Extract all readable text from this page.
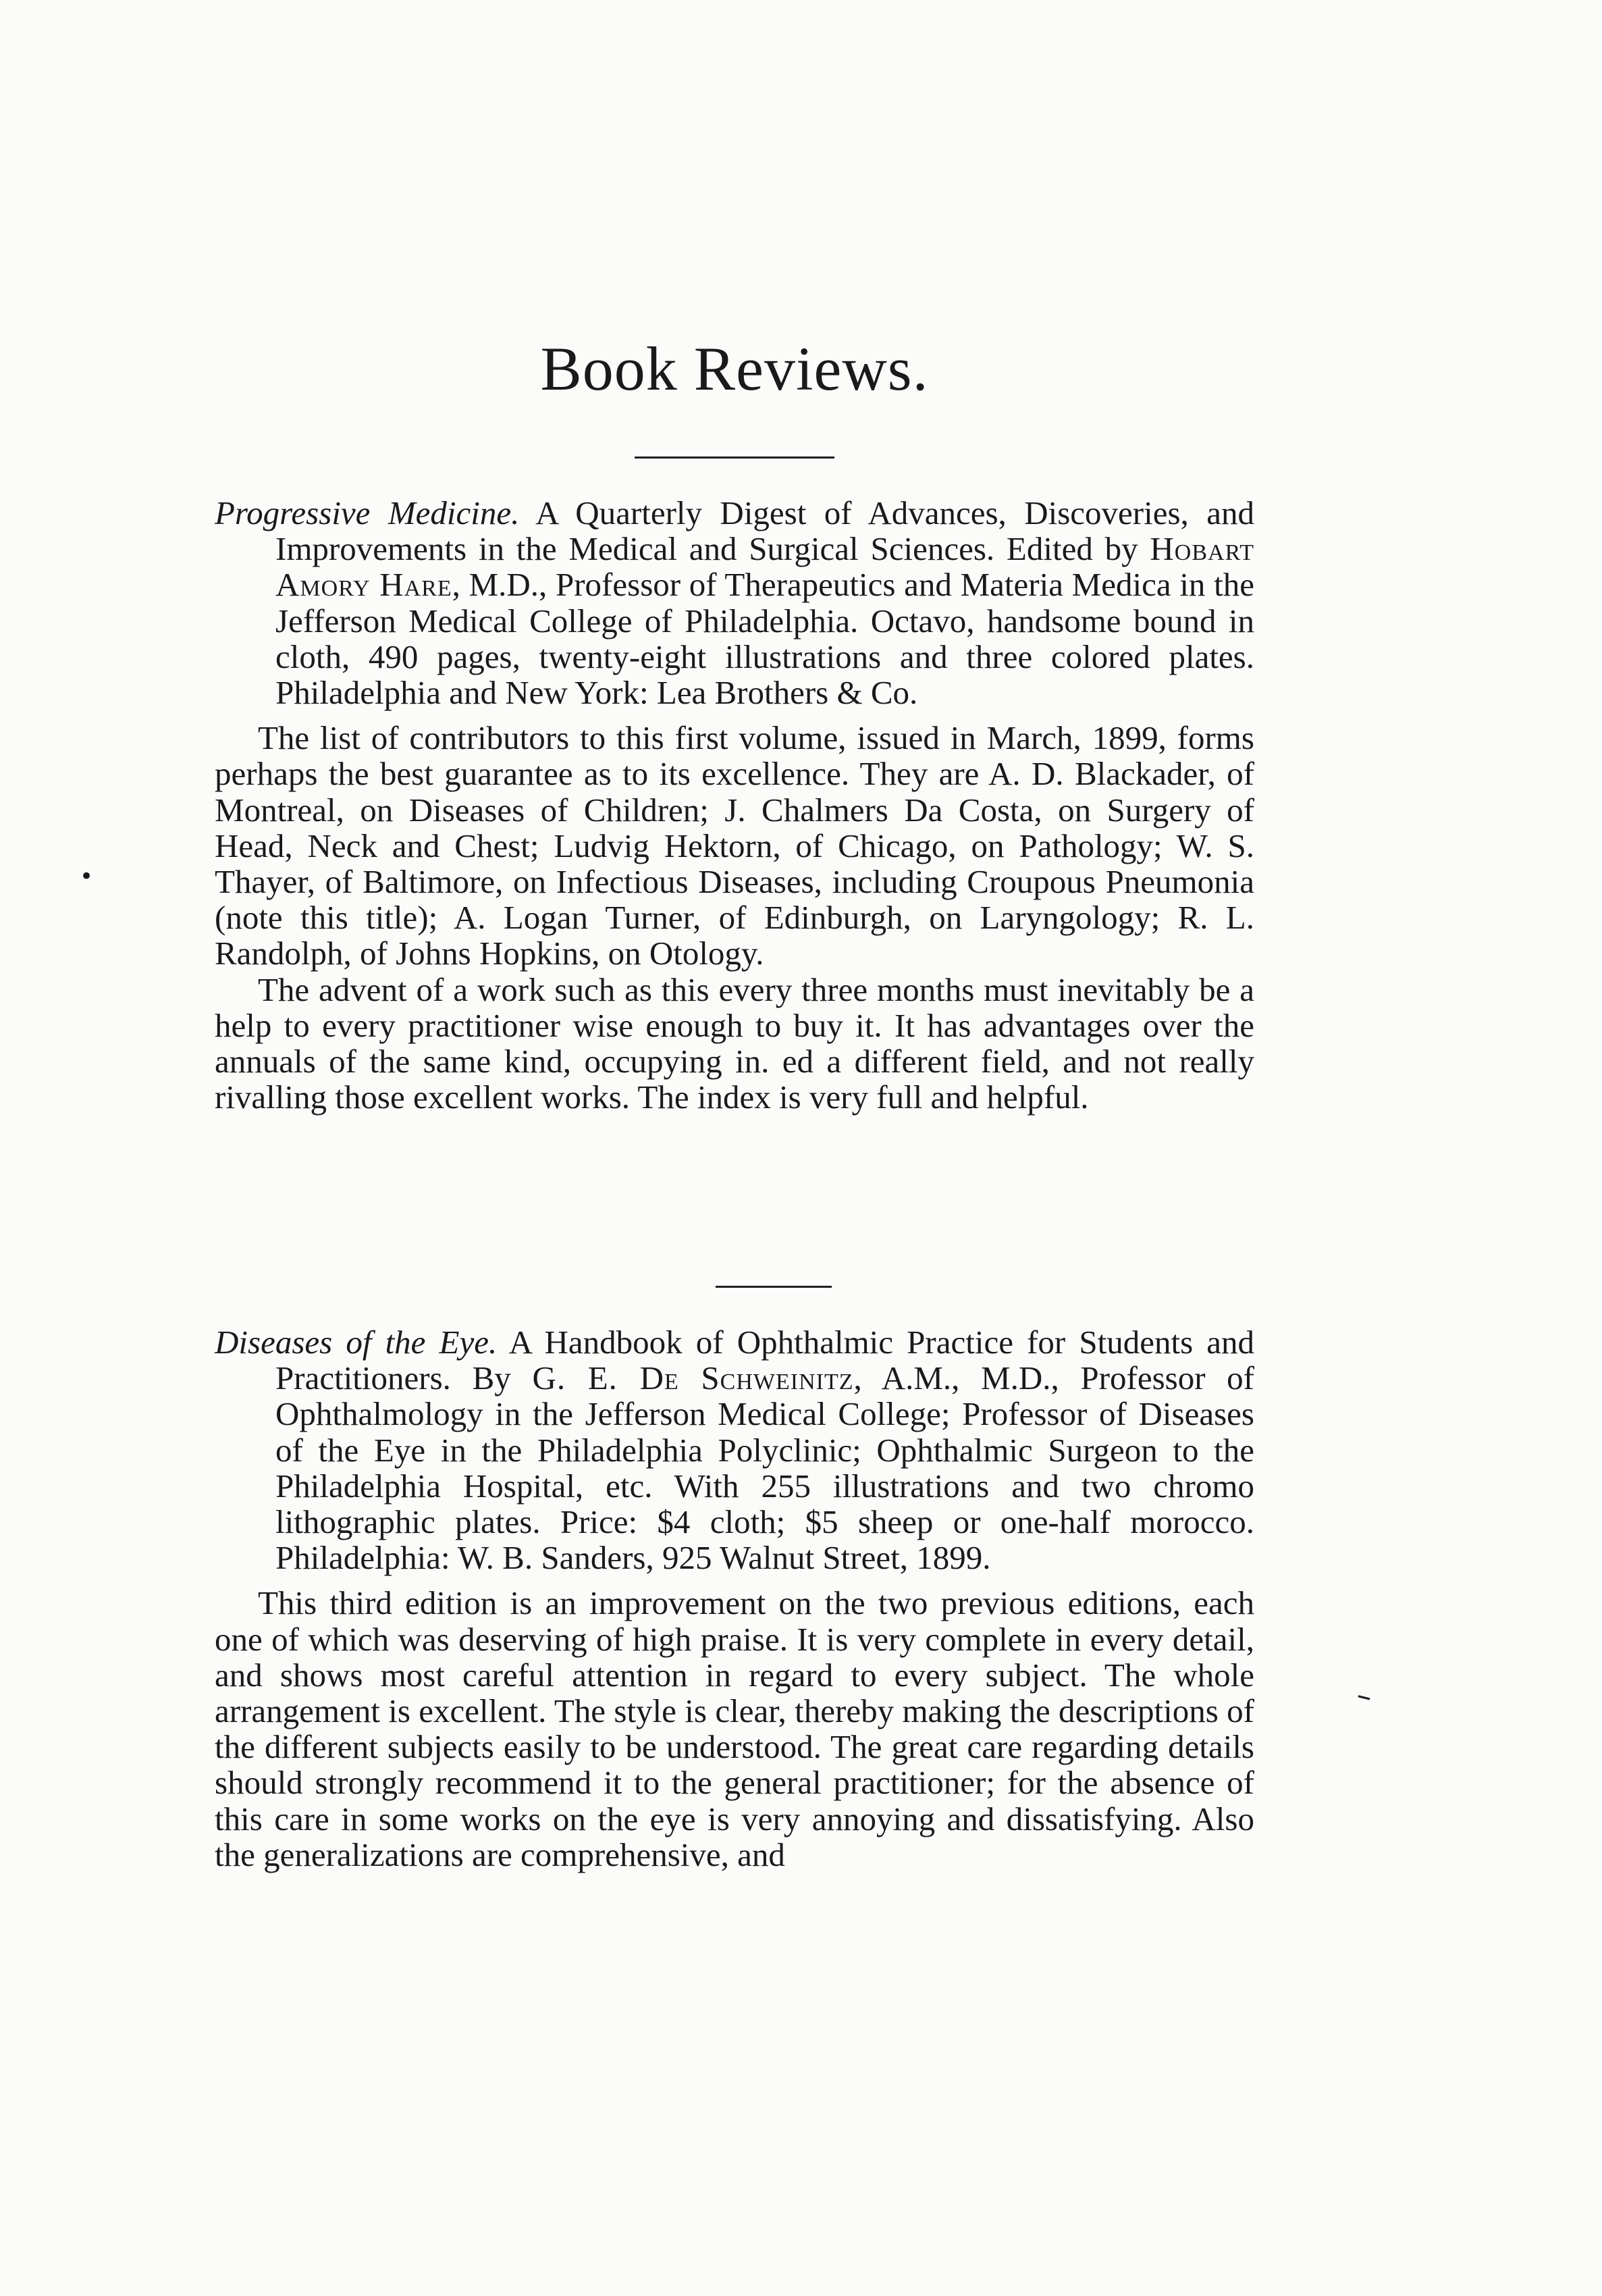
Book Reviews.

Progressive Medicine. A Quarterly Digest of Advances, Discoveries, and Improvements in the Medical and Surgical Sciences. Edited by Hobart Amory Hare, M.D., Professor of Therapeutics and Materia Medica in the Jefferson Medical College of Philadelphia. Octavo, handsome bound in cloth, 490 pages, twenty-eight illustrations and three colored plates. Philadelphia and New York: Lea Brothers & Co.

The list of contributors to this first volume, issued in March, 1899, forms perhaps the best guarantee as to its excellence. They are A. D. Blackader, of Montreal, on Diseases of Children; J. Chalmers Da Costa, on Surgery of Head, Neck and Chest; Ludvig Hektorn, of Chicago, on Pathology; W. S. Thayer, of Baltimore, on Infectious Diseases, including Croupous Pneumonia (note this title); A. Logan Turner, of Edinburgh, on Laryngology; R. L. Randolph, of Johns Hopkins, on Otology.

The advent of a work such as this every three months must inevitably be a help to every practitioner wise enough to buy it. It has advantages over the annuals of the same kind, occupying in. ed a different field, and not really rivalling those excellent works. The index is very full and helpful.

Diseases of the Eye. A Handbook of Ophthalmic Practice for Students and Practitioners. By G. E. De Schweinitz, A.M., M.D., Professor of Ophthalmology in the Jefferson Medical College; Professor of Diseases of the Eye in the Philadelphia Polyclinic; Ophthalmic Surgeon to the Philadelphia Hospital, etc. With 255 illustrations and two chromo lithographic plates. Price: $4 cloth; $5 sheep or one-half morocco. Philadelphia: W. B. Sanders, 925 Walnut Street, 1899.

This third edition is an improvement on the two previous editions, each one of which was deserving of high praise. It is very complete in every detail, and shows most careful attention in regard to every subject. The whole arrangement is excellent. The style is clear, thereby making the descriptions of the different subjects easily to be understood. The great care regarding details should strongly recommend it to the general practitioner; for the absence of this care in some works on the eye is very annoying and dissatisfying. Also the generalizations are comprehensive, and

•
–
